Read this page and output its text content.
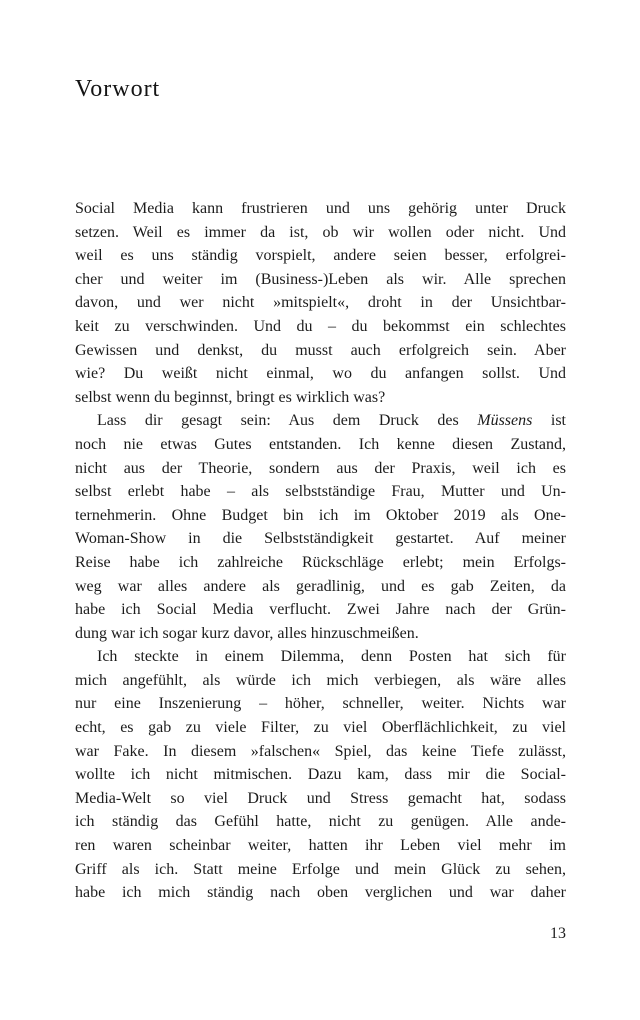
Vorwort
Social Media kann frustrieren und uns gehörig unter Druck
setzen. Weil es immer da ist, ob wir wollen oder nicht. Und
weil es uns ständig vorspielt, andere seien besser, erfolgrei-
cher und weiter im (Business-)Leben als wir. Alle sprechen
davon, und wer nicht »mitspielt«, droht in der Unsichtbar-
keit zu verschwinden. Und du – du bekommst ein schlechtes
Gewissen und denkst, du musst auch erfolgreich sein. Aber
wie? Du weißt nicht einmal, wo du anfangen sollst. Und
selbst wenn du beginnst, bringt es wirklich was?
Lass dir gesagt sein: Aus dem Druck des Müssens ist
noch nie etwas Gutes entstanden. Ich kenne diesen Zustand,
nicht aus der Theorie, sondern aus der Praxis, weil ich es
selbst erlebt habe – als selbstständige Frau, Mutter und Un-
ternehmerin. Ohne Budget bin ich im Oktober 2019 als One-
Woman-Show in die Selbstständigkeit gestartet. Auf meiner
Reise habe ich zahlreiche Rückschläge erlebt; mein Erfolgs-
weg war alles andere als geradlinig, und es gab Zeiten, da
habe ich Social Media verflucht. Zwei Jahre nach der Grün-
dung war ich sogar kurz davor, alles hinzuschmeißen.
Ich steckte in einem Dilemma, denn Posten hat sich für
mich angefühlt, als würde ich mich verbiegen, als wäre alles
nur eine Inszenierung – höher, schneller, weiter. Nichts war
echt, es gab zu viele Filter, zu viel Oberflächlichkeit, zu viel
war Fake. In diesem »falschen« Spiel, das keine Tiefe zulässt,
wollte ich nicht mitmischen. Dazu kam, dass mir die Social-
Media-Welt so viel Druck und Stress gemacht hat, sodass
ich ständig das Gefühl hatte, nicht zu genügen. Alle ande-
ren waren scheinbar weiter, hatten ihr Leben viel mehr im
Griff als ich. Statt meine Erfolge und mein Glück zu sehen,
habe ich mich ständig nach oben verglichen und war daher
13
